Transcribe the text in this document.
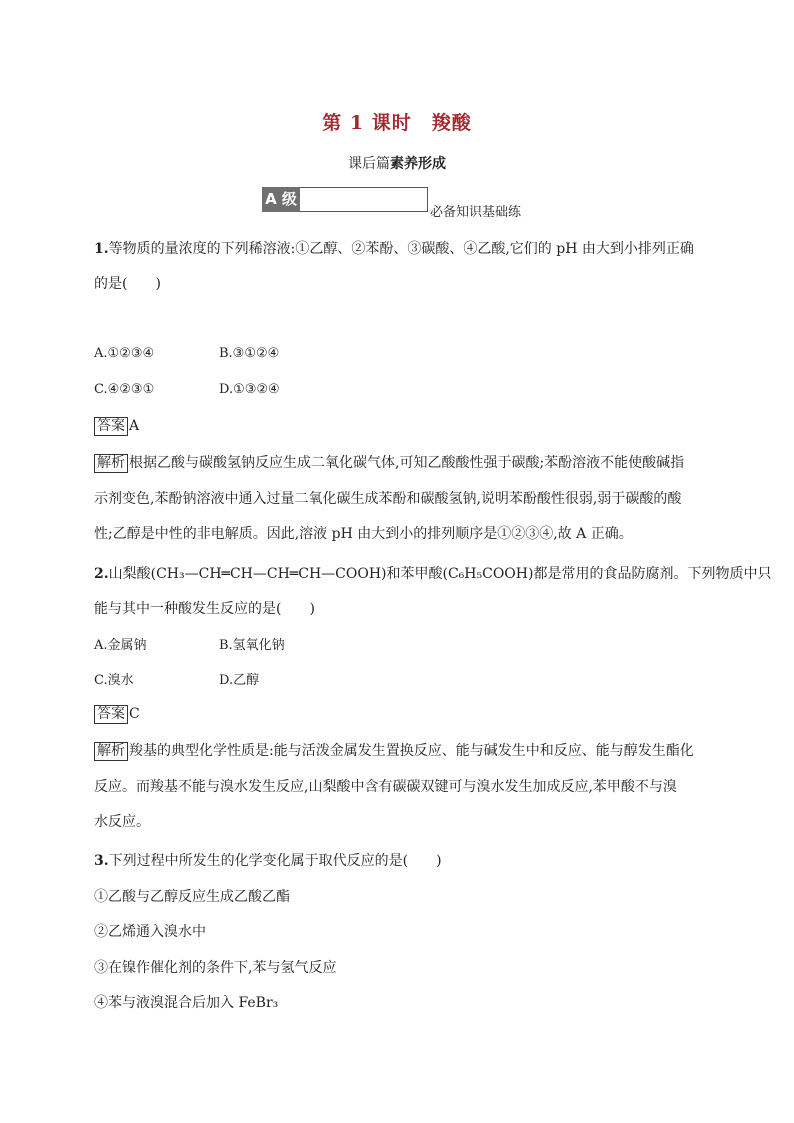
第 1 课时　羧酸
课后篇素养形成
A 级
必备知识基础练
1.等物质的量浓度的下列稀溶液:①乙醇、②苯酚、③碳酸、④乙酸,它们的 pH 由大到小排列正确
的是(　　)
A.①②③④	B.③①②④
C.④②③①	D.①③②④
答案 A
解析 根据乙酸与碳酸氢钠反应生成二氧化碳气体,可知乙酸酸性强于碳酸;苯酚溶液不能使酸碱指
示剂变色,苯酚钠溶液中通入过量二氧化碳生成苯酚和碳酸氢钠,说明苯酚酸性很弱,弱于碳酸的酸
性;乙醇是中性的非电解质。因此,溶液 pH 由大到小的排列顺序是①②③④,故 A 正确。
2.山梨酸(CH₃—CH═CH—CH═CH—COOH)和苯甲酸(C₆H₅COOH)都是常用的食品防腐剂。下列物质中只
能与其中一种酸发生反应的是(　　)
A.金属钠	B.氢氧化钠
C.溴水	D.乙醇
答案 C
解析 羧基的典型化学性质是:能与活泼金属发生置换反应、能与碱发生中和反应、能与醇发生酯化
反应。而羧基不能与溴水发生反应,山梨酸中含有碳碳双键可与溴水发生加成反应,苯甲酸不与溴
水反应。
3.下列过程中所发生的化学变化属于取代反应的是(　　)
①乙酸与乙醇反应生成乙酸乙酯
②乙烯通入溴水中
③在镍作催化剂的条件下,苯与氢气反应
④苯与液溴混合后加入 FeBr₃
